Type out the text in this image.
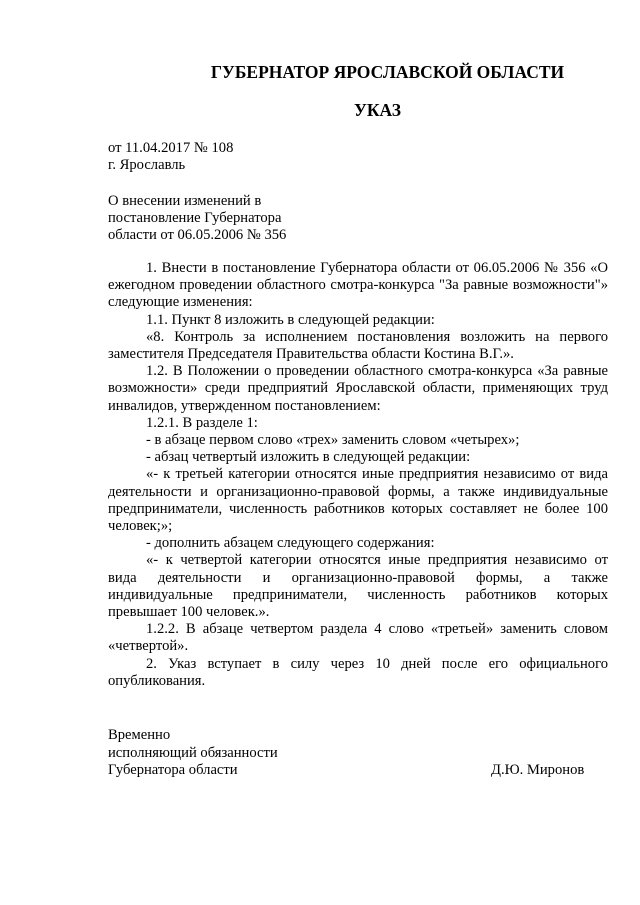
ГУБЕРНАТОР ЯРОСЛАВСКОЙ ОБЛАСТИ
УКАЗ
от 11.04.2017 № 108
г. Ярославль
О внесении изменений в
постановление Губернатора
области от 06.05.2006 № 356

1. Внести в постановление Губернатора области от 06.05.2006 № 356 «О ежегодном проведении областного смотра-конкурса "За равные возможности"» следующие изменения:

1.1. Пункт 8 изложить в следующей редакции:

«8. Контроль за исполнением постановления возложить на первого заместителя Председателя Правительства области Костина В.Г.».

1.2. В Положении о проведении областного смотра-конкурса «За равные возможности» среди предприятий Ярославской области, применяющих труд инвалидов, утвержденном постановлением:

1.2.1. В разделе 1:

- в абзаце первом слово «трех» заменить словом «четырех»;

- абзац четвертый изложить в следующей редакции:

«- к третьей категории относятся иные предприятия независимо от вида деятельности и организационно-правовой формы, а также индивидуальные предприниматели, численность работников которых составляет не более 100 человек;»;

- дополнить абзацем следующего содержания:

«- к четвертой категории относятся иные предприятия независимо от вида деятельности и организационно-правовой формы, а также индивидуальные предприниматели, численность работников которых превышает 100 человек.».

1.2.2. В абзаце четвертом раздела 4 слово «третьей» заменить словом «четвертой».

2. Указ вступает в силу через 10 дней после его официального опубликования.

Временно
исполняющий обязанности
Губернатора области	Д.Ю. Миронов
